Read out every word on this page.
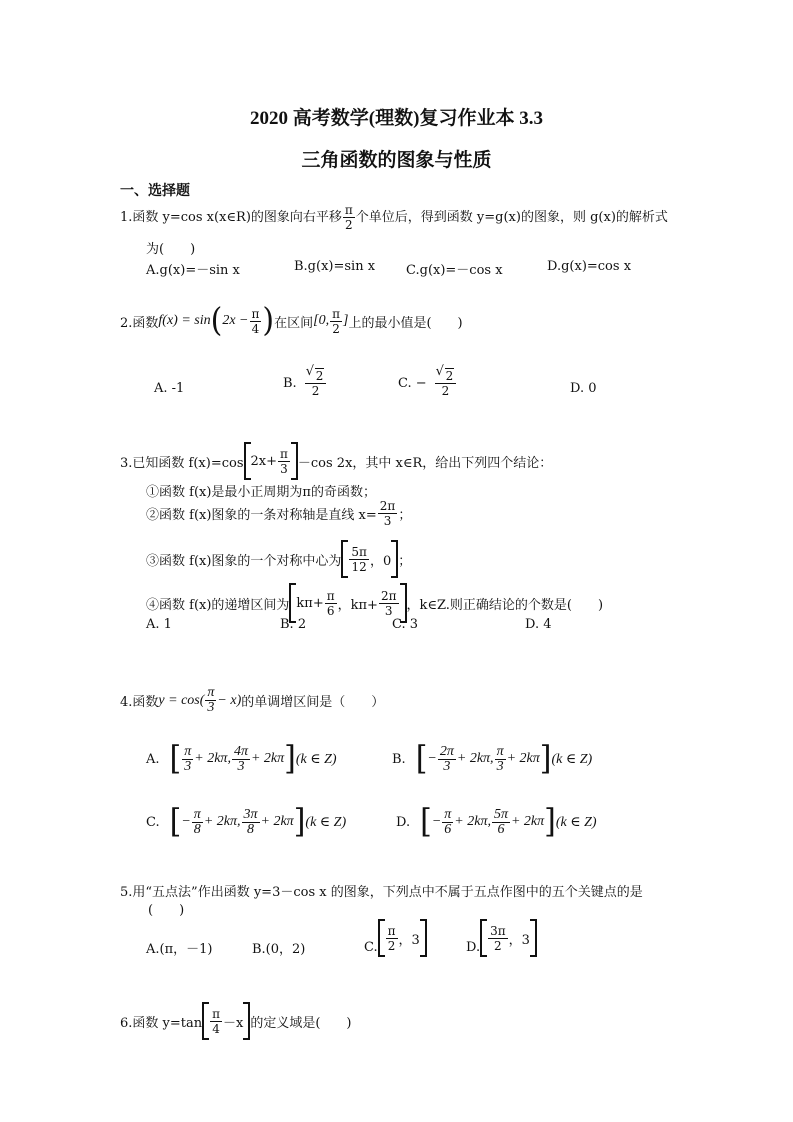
2020 高考数学(理数)复习作业本 3.3
三角函数的图象与性质
一、选择题
1.函数 y=cos x(x∈R)的图象向右平移 $\frac{\pi}{2}$ 个单位后，得到函数 y=g(x)的图象，则 g(x)的解析式
为(　　)
A.g(x)=－sin x	B.g(x)=sin x C.g(x)=－cos x	D.g(x)=cos x
2.函数 f(x) = sin ( $2x - \frac{\pi}{4}$ ) 在区间 [0, $\frac{\pi}{2}$ ] 上的最小值是(　　)
A. -1	B. √ $\frac{2}{2}$	C. − √ $\frac{2}{2}$	D. 0
3.已知函数 f(x)=cos $2x+ \frac{\pi}{3} -\cos$ 2x，其中 x∈R，给出下列四个结论：
①函数 f(x)是最小正周期为π的奇函数；
②函数 f(x)图象的一条对称轴是直线 $x= \frac{2\pi}{3}$ ；
③函数 f(x)图象的一个对称中心为 $\frac{5\pi}{12}$ ，0 ；
④函数 f(x)的递增区间为 $k\pi+ \frac{\pi}{6}$ ，$k\pi+ \frac{2\pi}{3}$ ，k∈Z.则正确结论的个数是(　　)
A. 1	B. 2	C. 3	D. 4
4.函数 $y = \cos( \frac{\pi}{3} - x)$ 的单调增区间是（　　）
A. [ $\frac{\pi}{3} + 2k\pi$, $\frac{4\pi}{3} + 2k\pi$ ] (k ∈ Z)	B. [ − $\frac{2\pi}{3} + 2k\pi$, $\frac{\pi}{3} + 2k\pi$ ] (k ∈ Z)
C. [ − $\frac{\pi}{8} + 2k\pi$, $\frac{3\pi}{8} + 2k\pi$ ] (k ∈ Z)	D. [ − $\frac{\pi}{6} + 2k\pi$, $\frac{5\pi}{6} + 2k\pi$ ] (k ∈ Z)
5.用“五点法”作出函数 y=3－cos x 的图象，下列点中不属于五点作图中的五个关键点的是
(　　)
A.(π，－1)	B.(0，2)	C. $\frac{\pi}{2}$ ，3	D. $\frac{3\pi}{2}$ ，3
6.函数 $y=\tan \frac{\pi}{4} -x$ 的定义域是(　　)
